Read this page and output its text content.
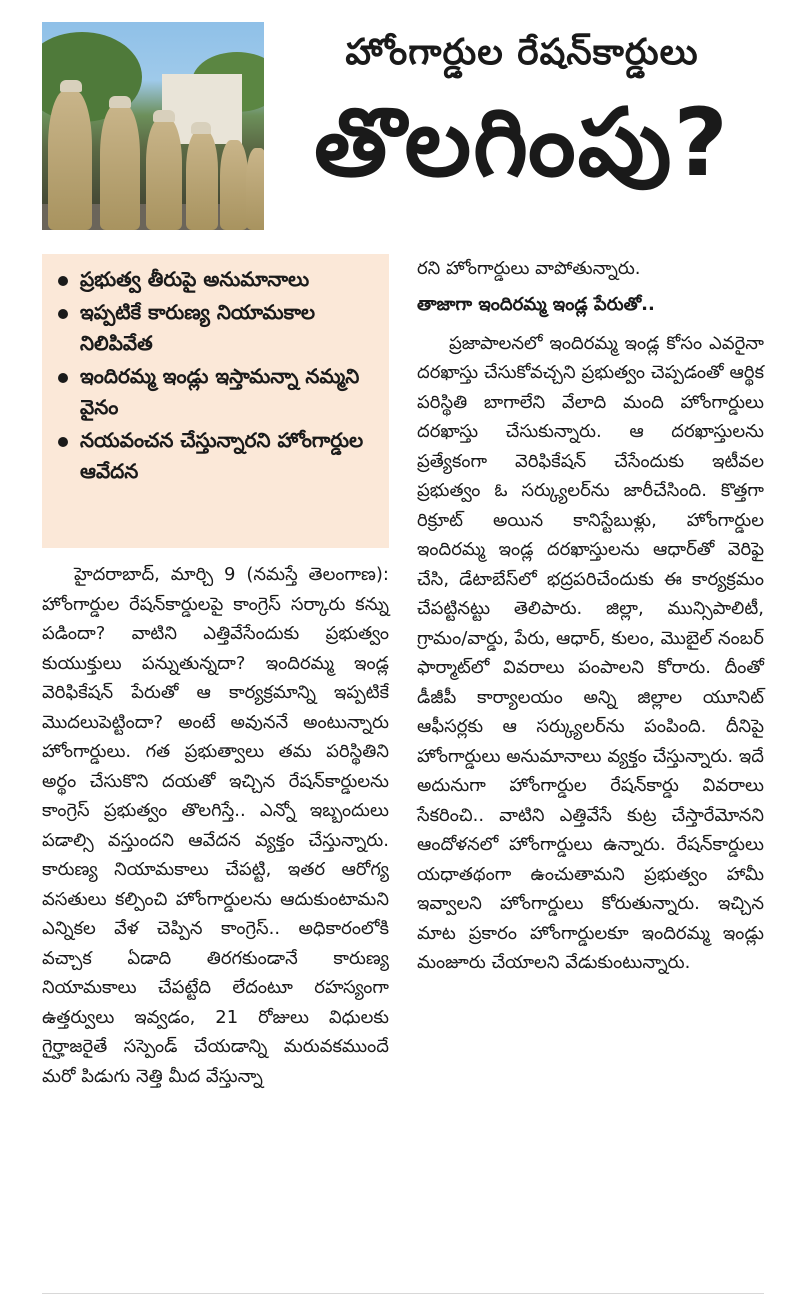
హోంగార్డుల రేషన్‌కార్డులు
తొలగింపు?
ప్రభుత్వ తీరుపై అనుమానాలు
ఇప్పటికే కారుణ్య నియామకాల నిలిపివేత
ఇందిరమ్మ ఇండ్లు ఇస్తామన్నా నమ్మని వైనం
నయవంచన చేస్తున్నారని హోంగార్డుల ఆవేదన

హైదరాబాద్‌, మార్చి 9 (నమస్తే తెలంగాణ): హోంగార్డుల రేషన్‌కార్డులపై కాంగ్రెస్‌ సర్కారు కన్ను పడిందా? వాటిని ఎత్తివేసేందుకు ప్రభుత్వం కుయుక్తులు పన్నుతున్నదా? ఇందిరమ్మ ఇండ్ల వెరిఫికేషన్‌ పేరుతో ఆ కార్యక్రమాన్ని ఇప్పటికే మొదలుపెట్టిందా? అంటే అవుననే అంటున్నారు హోంగార్డులు. గత ప్రభుత్వాలు తమ పరిస్థితిని అర్థం చేసుకొని దయతో ఇచ్చిన రేషన్‌కార్డులను కాంగ్రెస్‌ ప్రభుత్వం తొలగిస్తే.. ఎన్నో ఇబ్బందులు పడాల్సి వస్తుందని ఆవేదన వ్యక్తం చేస్తున్నారు. కారుణ్య నియామకాలు చేపట్టి, ఇతర ఆరోగ్య వసతులు కల్పించి హోంగార్డులను ఆదుకుంటామని ఎన్నికల వేళ చెప్పిన కాంగ్రెస్‌.. అధికారంలోకి వచ్చాక ఏడాది తిరగకుండానే కారుణ్య నియామకాలు చేపట్టేది లేదంటూ రహస్యంగా ఉత్తర్వులు ఇవ్వడం, 21 రోజులు విధులకు గైర్హాజరైతే సస్పెండ్‌ చేయడాన్ని మరువకముందే మరో పిడుగు నెత్తి మీద వేస్తున్నా

రని హోంగార్డులు వాపోతున్నారు.

తాజాగా ఇందిరమ్మ ఇండ్ల పేరుతో..

ప్రజాపాలనలో ఇందిరమ్మ ఇండ్ల కోసం ఎవరైనా దరఖాస్తు చేసుకోవచ్చని ప్రభుత్వం చెప్పడంతో ఆర్థిక పరిస్థితి బాగాలేని వేలాది మంది హోంగార్డులు దరఖాస్తు చేసుకున్నారు. ఆ దరఖాస్తులను ప్రత్యేకంగా వెరిఫికేషన్‌ చేసేందుకు ఇటీవల ప్రభుత్వం ఓ సర్క్యులర్‌ను జారీచేసింది. కొత్తగా రిక్రూట్‌ అయిన కానిస్టేబుళ్లు, హోంగార్డుల ఇందిరమ్మ ఇండ్ల దరఖాస్తులను ఆధార్‌తో వెరిఫై చేసి, డేటాబేస్‌లో భద్రపరిచేందుకు ఈ కార్యక్రమం చేపట్టినట్టు తెలిపారు. జిల్లా, మున్సిపాలిటీ, గ్రామం/వార్డు, పేరు, ఆధార్‌, కులం, మొబైల్‌ నంబర్‌ ఫార్మాట్‌లో వివరాలు పంపాలని కోరారు. దీంతో డీజీపీ కార్యాలయం అన్ని జిల్లాల యూనిట్‌ ఆఫీసర్లకు ఆ సర్క్యులర్‌ను పంపింది. దీనిపై హోంగార్డులు అనుమానాలు వ్యక్తం చేస్తున్నారు. ఇదే అదునుగా హోంగార్డుల రేషన్‌కార్డు వివరాలు సేకరించి.. వాటిని ఎత్తివేసే కుట్ర చేస్తారేమోనని ఆందోళనలో హోంగార్డులు ఉన్నారు. రేషన్‌కార్డులు యధాతథంగా ఉంచుతామని ప్రభుత్వం హామీ ఇవ్వాలని హోంగార్డులు కోరుతున్నారు. ఇచ్చిన మాట ప్రకారం హోంగార్డులకూ ఇందిరమ్మ ఇండ్లు మంజూరు చేయాలని వేడుకుంటున్నారు.
